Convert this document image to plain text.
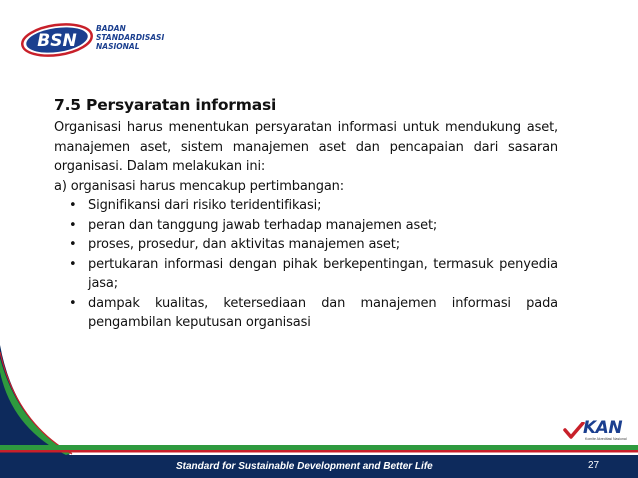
BSN
BADAN
STANDARDISASI
NASIONAL
7.5 Persyaratan informasi

Organisasi harus menentukan persyaratan informasi untuk mendukung aset, manajemen aset, sistem manajemen aset dan pencapaian dari sasaran organisasi. Dalam melakukan ini:

a) organisasi harus mencakup pertimbangan:

• Signifikansi dari risiko teridentifikasi;
• peran dan tanggung jawab terhadap manajemen aset;
• proses, prosedur, dan aktivitas manajemen aset;
• pertukaran informasi dengan pihak berkepentingan, termasuk penyedia jasa;
• dampak kualitas, ketersediaan dan manajemen informasi pada pengambilan keputusan organisasi
KAN
Komite Akreditasi Nasional
Standard for Sustainable Development and Better Life	27
